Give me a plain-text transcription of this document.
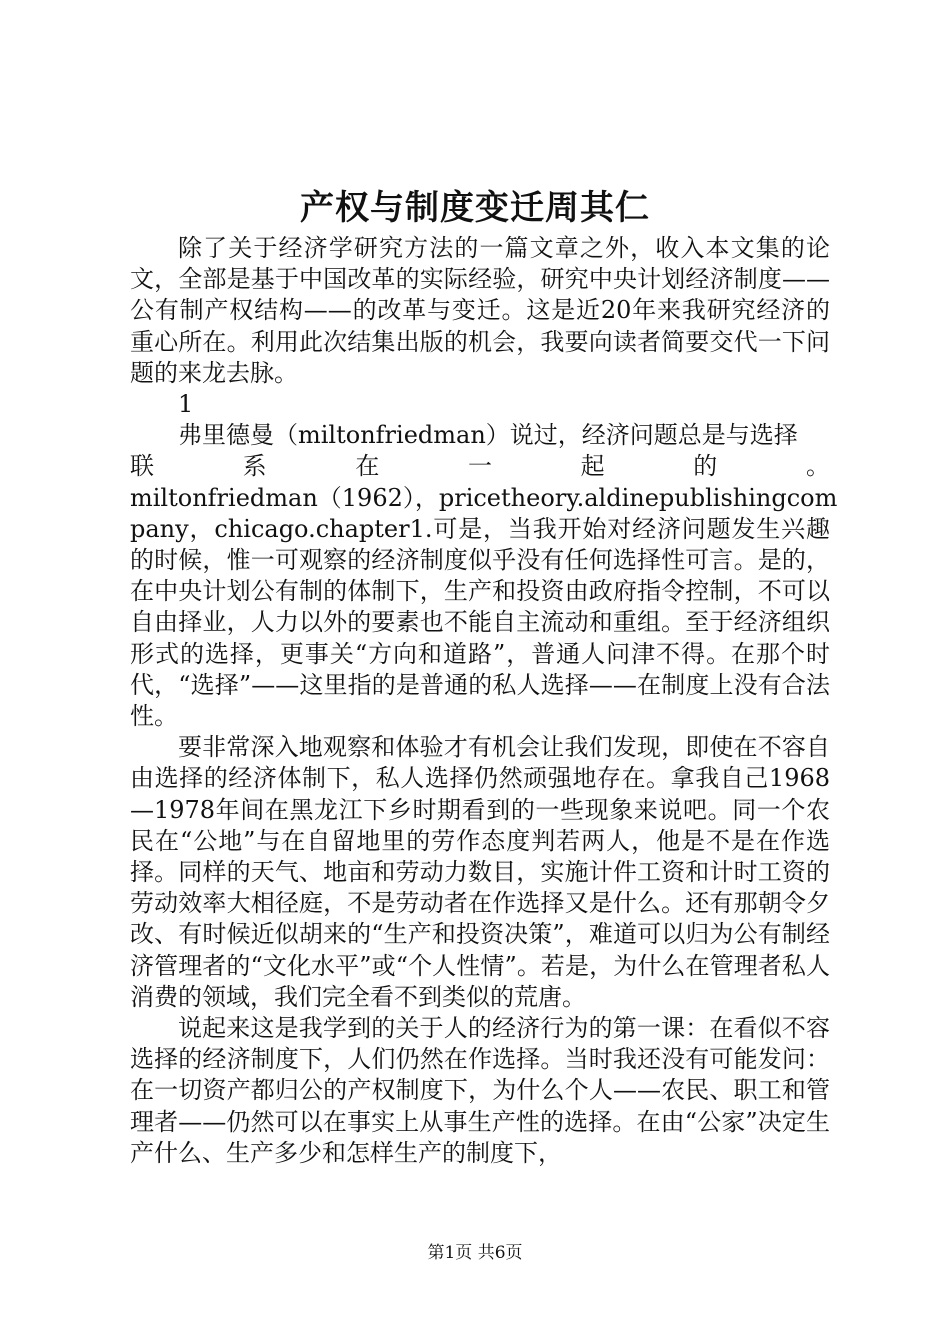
产权与制度变迁周其仁

除了关于经济学研究方法的一篇文章之外，收入本文集的论文，全部是基于中国改革的实际经验，研究中央计划经济制度——公有制产权结构——的改革与变迁。这是近20年来我研究经济的重心所在。利用此次结集出版的机会，我要向读者简要交代一下问题的来龙去脉。

1

弗里德曼（miltonfriedman）说过，经济问题总是与选择

联	系	在	一	起	的	。
miltonfriedman（1962），pricetheory.aldinepublishingcom

pany，chicago.chapter1.可是，当我开始对经济问题发生兴趣的时候，惟一可观察的经济制度似乎没有任何选择性可言。是的，在中央计划公有制的体制下，生产和投资由政府指令控制，不可以自由择业，人力以外的要素也不能自主流动和重组。至于经济组织形式的选择，更事关“方向和道路”，普通人问津不得。在那个时代，“选择”——这里指的是普通的私人选择——在制度上没有合法性。

要非常深入地观察和体验才有机会让我们发现，即使在不容自由选择的经济体制下，私人选择仍然顽强地存在。拿我自己1968—1978年间在黑龙江下乡时期看到的一些现象来说吧。同一个农民在“公地”与在自留地里的劳作态度判若两人，他是不是在作选择。同样的天气、地亩和劳动力数目，实施计件工资和计时工资的劳动效率大相径庭，不是劳动者在作选择又是什么。还有那朝令夕改、有时候近似胡来的“生产和投资决策”，难道可以归为公有制经济管理者的“文化水平”或“个人性情”。若是，为什么在管理者私人消费的领域，我们完全看不到类似的荒唐。

说起来这是我学到的关于人的经济行为的第一课：在看似不容选择的经济制度下，人们仍然在作选择。当时我还没有可能发问：在一切资产都归公的产权制度下，为什么个人——农民、职工和管理者——仍然可以在事实上从事生产性的选择。在由“公家”决定生产什么、生产多少和怎样生产的制度下，

第1页 共6页
